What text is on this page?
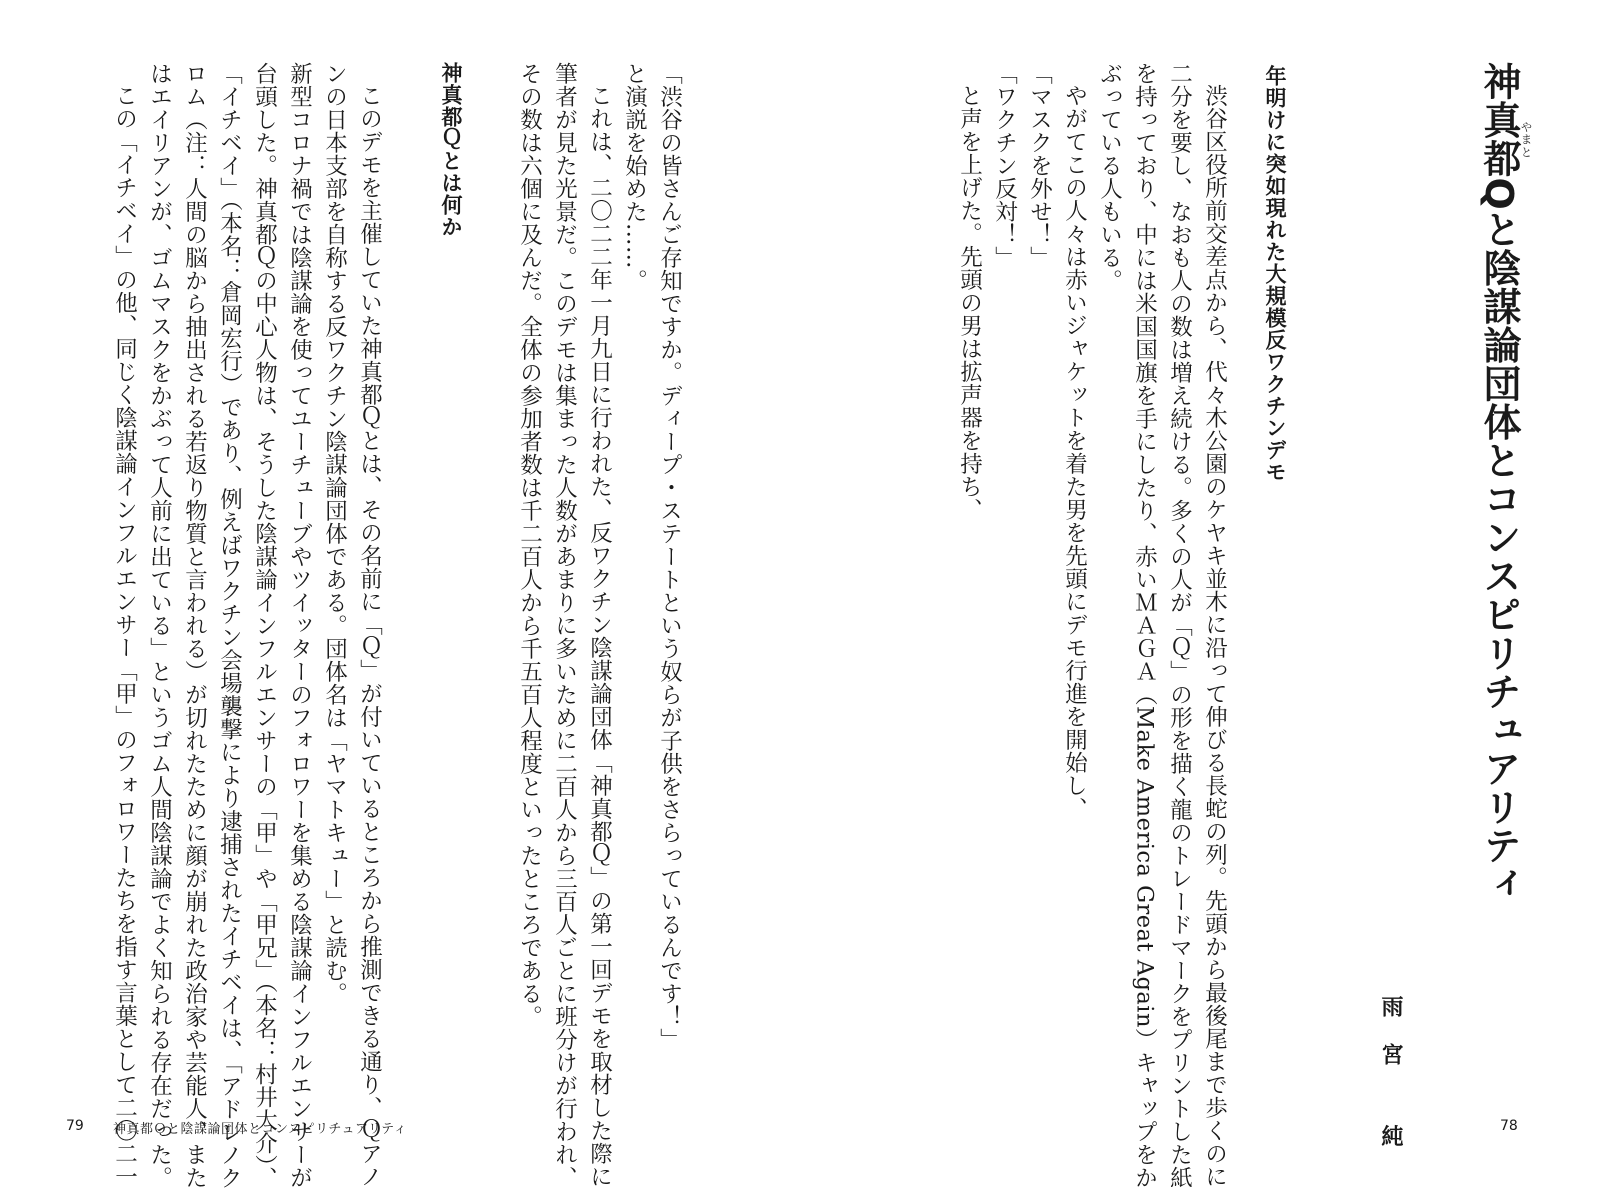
神真都Qと陰謀論団体とコンスピリチュアリティ や
ま
と
雨宮 純
年明けに突如現れた大規模反ワクチンデモ
渋谷区役所前交差点から、代々木公園のケヤキ並木に沿って伸びる長蛇の列。先頭から最後尾まで歩くのに
二分を要し、なおも人の数は増え続ける。多くの人が「Ｑ」の形を描く龍のトレードマークをプリントした紙
を持っており、中には米国国旗を手にしたり、赤いＭＡＧＡ（Make America Great Again）キャップをか
ぶっている人もいる。
やがてこの人々は赤いジャケットを着た男を先頭にデモ行進を開始し、
「マスクを外せ！」
「ワクチン反対！」
と声を上げた。先頭の男は拡声器を持ち、
78
「渋谷の皆さんご存知ですか。ディープ・ステートという奴らが子供をさらっているんです！」
と演説を始めた……。
これは、二〇二二年一月九日に行われた、反ワクチン陰謀論団体「神真都Ｑ」の第一回デモを取材した際に
筆者が見た光景だ。このデモは集まった人数があまりに多いために二百人から三百人ごとに班分けが行われ、
その数は六個に及んだ。全体の参加者数は千二百人から千五百人程度といったところである。
神真都Ｑとは何か
このデモを主催していた神真都Ｑとは、その名前に「Ｑ」が付いているところから推測できる通り、Ｑアノ
ンの日本支部を自称する反ワクチン陰謀論団体である。団体名は「ヤマトキュー」と読む。
新型コロナ禍では陰謀論を使ってユーチューブやツイッターのフォロワーを集める陰謀論インフルエンサーが
台頭した。神真都Ｑの中心人物は、そうした陰謀論インフルエンサーの「甲」や「甲兄」（本名：村井大介）、
「イチベイ」（本名：倉岡宏行）であり、例えばワクチン会場襲撃により逮捕されたイチベイは、「アドレノク
ロム（注：人間の脳から抽出される若返り物質と言われる）が切れたために顔が崩れた政治家や芸能人、また
はエイリアンが、ゴムマスクをかぶって人前に出ている」というゴム人間陰謀論でよく知られる存在だった。
この「イチベイ」の他、同じく陰謀論インフルエンサー「甲」のフォロワーたちを指す言葉として二〇二一
79 神真都Ｑと陰謀論団体とコンスピリチュアリティ
